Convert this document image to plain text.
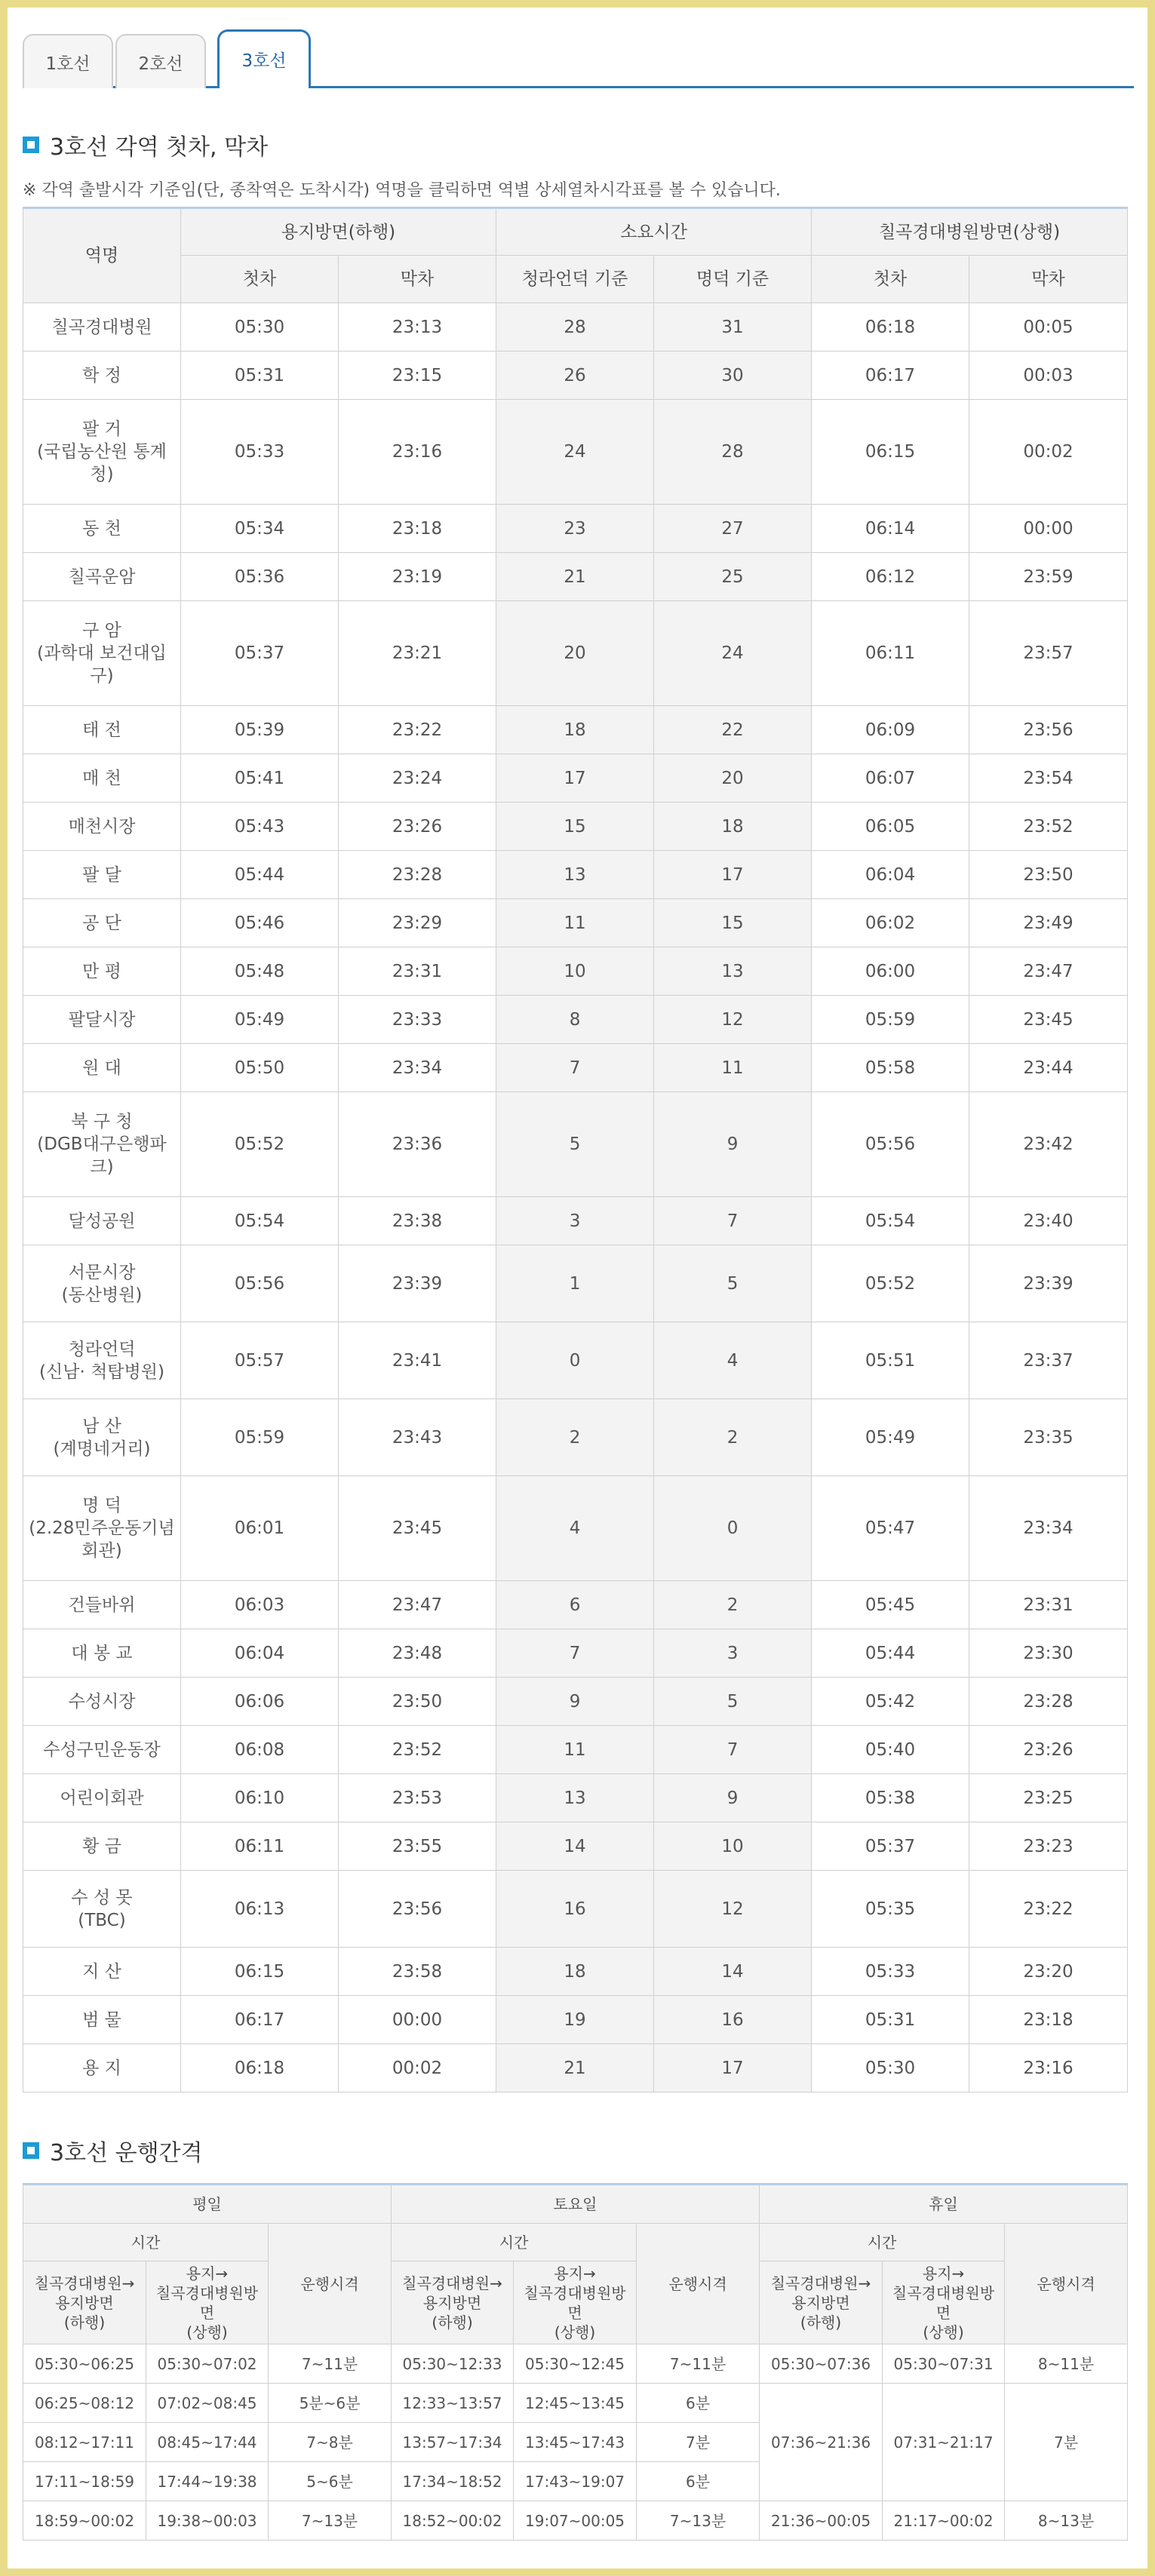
1호선	2호선	3호선
3호선 각역 첫차, 막차
※ 각역 출발시각 기준임(단, 종착역은 도착시각) 역명을 클릭하면 역별 상세열차시각표를 볼 수 있습니다.
역명	용지방면(하행)		소요시간		칠곡경대병원방면(상행)	
	첫차	막차	청라언덕 기준	명덕 기준	첫차	막차
칠곡경대병원	05:30	23:13	28	31	06:18	00:05
학 정	05:31	23:15	26	30	06:17	00:03
팔 거
(국립농산원 통계
청)	05:33	23:16	24	28	06:15	00:02
동 천	05:34	23:18	23	27	06:14	00:00
칠곡운암	05:36	23:19	21	25	06:12	23:59
구 암
(과학대 보건대입
구)	05:37	23:21	20	24	06:11	23:57
태 전	05:39	23:22	18	22	06:09	23:56
매 천	05:41	23:24	17	20	06:07	23:54
매천시장	05:43	23:26	15	18	06:05	23:52
팔 달	05:44	23:28	13	17	06:04	23:50
공 단	05:46	23:29	11	15	06:02	23:49
만 평	05:48	23:31	10	13	06:00	23:47
팔달시장	05:49	23:33	8	12	05:59	23:45
원 대	05:50	23:34	7	11	05:58	23:44
북 구 청
(DGB대구은행파
크)	05:52	23:36	5	9	05:56	23:42
달성공원	05:54	23:38	3	7	05:54	23:40
서문시장
(동산병원)	05:56	23:39	1	5	05:52	23:39
청라언덕
(신남· 척탑병원)	05:57	23:41	0	4	05:51	23:37
남 산
(계명네거리)	05:59	23:43	2	2	05:49	23:35
명 덕
(2.28민주운동기념
회관)	06:01	23:45	4	0	05:47	23:34
건들바위	06:03	23:47	6	2	05:45	23:31
대 봉 교	06:04	23:48	7	3	05:44	23:30
수성시장	06:06	23:50	9	5	05:42	23:28
수성구민운동장	06:08	23:52	11	7	05:40	23:26
어린이회관	06:10	23:53	13	9	05:38	23:25
황 금	06:11	23:55	14	10	05:37	23:23
수 성 못
(TBC)	06:13	23:56	16	12	05:35	23:22
지 산	06:15	23:58	18	14	05:33	23:20
범 물	06:17	00:00	19	16	05:31	23:18
용 지	06:18	00:02	21	17	05:30	23:16
3호선 운행간격
평일			토요일			휴일		
시간		운행시격	시간		운행시격	시간		운행시격
칠곡경대병원→
용지방면
(하행)	용지→
칠곡경대병원방면
(상행)		칠곡경대병원→
용지방면
(하행)	용지→
칠곡경대병원방면
(상행)		칠곡경대병원→
용지방면
(하행)	용지→
칠곡경대병원방면
(상행)	
05:30~06:25	05:30~07:02	7~11분	05:30~12:33	05:30~12:45	7~11분	05:30~07:36	05:30~07:31	8~11분
06:25~08:12	07:02~08:45	5분~6분	12:33~13:57	12:45~13:45	6분	07:36~21:36	07:31~21:17	7분
08:12~17:11	08:45~17:44	7~8분	13:57~17:34	13:45~17:43	7분			
17:11~18:59	17:44~19:38	5~6분	17:34~18:52	17:43~19:07	6분			
18:59~00:02	19:38~00:03	7~13분	18:52~00:02	19:07~00:05	7~13분	21:36~00:05	21:17~00:02	8~13분
